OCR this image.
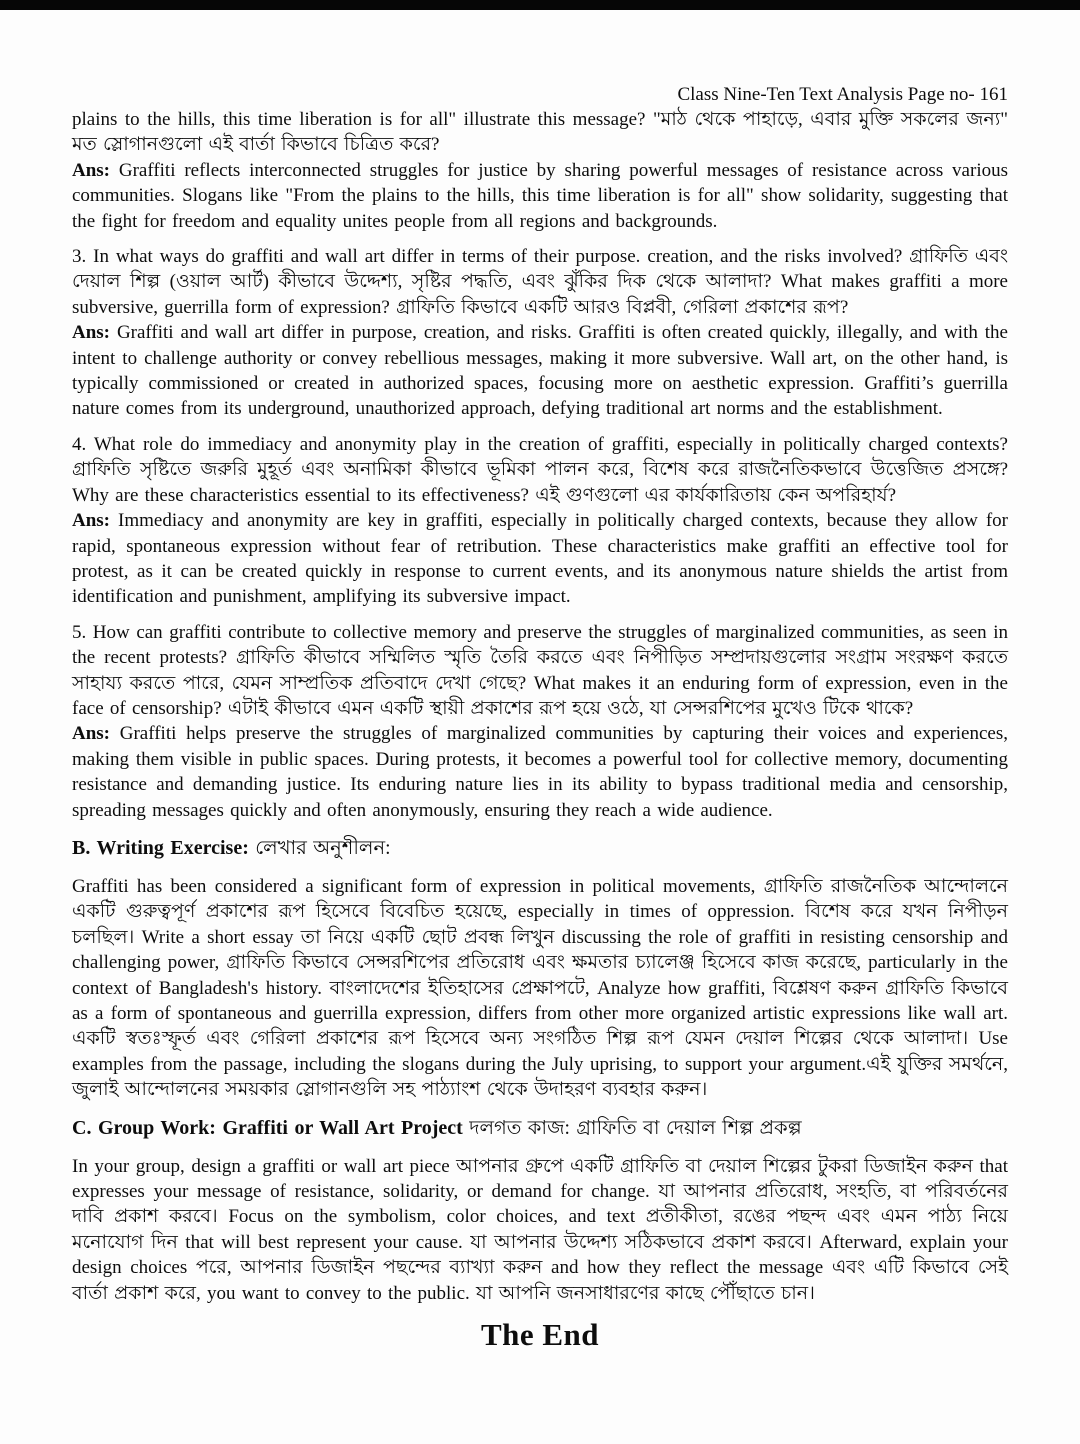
Class Nine-Ten Text Analysis Page no- 161

plains to the hills, this time liberation is for all" illustrate this message? "মাঠ থেকে পাহাড়ে, এবার মুক্তি সকলের জন্য" মত স্লোগানগুলো এই বার্তা কিভাবে চিত্রিত করে?

Ans: Graffiti reflects interconnected struggles for justice by sharing powerful messages of resistance across various communities. Slogans like "From the plains to the hills, this time liberation is for all" show solidarity, suggesting that the fight for freedom and equality unites people from all regions and backgrounds.

3. In what ways do graffiti and wall art differ in terms of their purpose. creation, and the risks involved? গ্রাফিতি এবং দেয়াল শিল্প (ওয়াল আর্ট) কীভাবে উদ্দেশ্য, সৃষ্টির পদ্ধতি, এবং ঝুঁকির দিক থেকে আলাদা? What makes graffiti a more subversive, guerrilla form of expression? গ্রাফিতি কিভাবে একটি আরও বিপ্লবী, গেরিলা প্রকাশের রূপ?

Ans: Graffiti and wall art differ in purpose, creation, and risks. Graffiti is often created quickly, illegally, and with the intent to challenge authority or convey rebellious messages, making it more subversive. Wall art, on the other hand, is typically commissioned or created in authorized spaces, focusing more on aesthetic expression. Graffiti’s guerrilla nature comes from its underground, unauthorized approach, defying traditional art norms and the establishment.

4. What role do immediacy and anonymity play in the creation of graffiti, especially in politically charged contexts? গ্রাফিতি সৃষ্টিতে জরুরি মুহূর্ত এবং অনামিকা কীভাবে ভূমিকা পালন করে, বিশেষ করে রাজনৈতিকভাবে উত্তেজিত প্রসঙ্গে? Why are these characteristics essential to its effectiveness? এই গুণগুলো এর কার্যকারিতায় কেন অপরিহার্য?

Ans: Immediacy and anonymity are key in graffiti, especially in politically charged contexts, because they allow for rapid, spontaneous expression without fear of retribution. These characteristics make graffiti an effective tool for protest, as it can be created quickly in response to current events, and its anonymous nature shields the artist from identification and punishment, amplifying its subversive impact.

5. How can graffiti contribute to collective memory and preserve the struggles of marginalized communities, as seen in the recent protests? গ্রাফিতি কীভাবে সম্মিলিত স্মৃতি তৈরি করতে এবং নিপীড়িত সম্প্রদায়গুলোর সংগ্রাম সংরক্ষণ করতে সাহায্য করতে পারে, যেমন সাম্প্রতিক প্রতিবাদে দেখা গেছে? What makes it an enduring form of expression, even in the face of censorship? এটাই কীভাবে এমন একটি স্থায়ী প্রকাশের রূপ হয়ে ওঠে, যা সেন্সরশিপের মুখেও টিকে থাকে?

Ans: Graffiti helps preserve the struggles of marginalized communities by capturing their voices and experiences, making them visible in public spaces. During protests, it becomes a powerful tool for collective memory, documenting resistance and demanding justice. Its enduring nature lies in its ability to bypass traditional media and censorship, spreading messages quickly and often anonymously, ensuring they reach a wide audience.

B. Writing Exercise: লেখার অনুশীলন:

Graffiti has been considered a significant form of expression in political movements, গ্রাফিতি রাজনৈতিক আন্দোলনে একটি গুরুত্বপূর্ণ প্রকাশের রূপ হিসেবে বিবেচিত হয়েছে, especially in times of oppression. বিশেষ করে যখন নিপীড়ন চলছিল। Write a short essay তা নিয়ে একটি ছোট প্রবন্ধ লিখুন discussing the role of graffiti in resisting censorship and challenging power, গ্রাফিতি কিভাবে সেন্সরশিপের প্রতিরোধ এবং ক্ষমতার চ্যালেঞ্জ হিসেবে কাজ করেছে, particularly in the context of Bangladesh's history. বাংলাদেশের ইতিহাসের প্রেক্ষাপটে, Analyze how graffiti, বিশ্লেষণ করুন গ্রাফিতি কিভাবে as a form of spontaneous and guerrilla expression, differs from other more organized artistic expressions like wall art. একটি স্বতঃস্ফূর্ত এবং গেরিলা প্রকাশের রূপ হিসেবে অন্য সংগঠিত শিল্প রূপ যেমন দেয়াল শিল্পের থেকে আলাদা। Use examples from the passage, including the slogans during the July uprising, to support your argument.এই যুক্তির সমর্থনে, জুলাই আন্দোলনের সময়কার স্লোগানগুলি সহ পাঠ্যাংশ থেকে উদাহরণ ব্যবহার করুন।

C. Group Work: Graffiti or Wall Art Project দলগত কাজ: গ্রাফিতি বা দেয়াল শিল্প প্রকল্প

In your group, design a graffiti or wall art piece আপনার গ্রুপে একটি গ্রাফিতি বা দেয়াল শিল্পের টুকরা ডিজাইন করুন that expresses your message of resistance, solidarity, or demand for change. যা আপনার প্রতিরোধ, সংহতি, বা পরিবর্তনের দাবি প্রকাশ করবে। Focus on the symbolism, color choices, and text প্রতীকীতা, রঙের পছন্দ এবং এমন পাঠ্য নিয়ে মনোযোগ দিন that will best represent your cause. যা আপনার উদ্দেশ্য সঠিকভাবে প্রকাশ করবে। Afterward, explain your design choices পরে, আপনার ডিজাইন পছন্দের ব্যাখ্যা করুন and how they reflect the message এবং এটি কিভাবে সেই বার্তা প্রকাশ করে, you want to convey to the public. যা আপনি জনসাধারণের কাছে পৌঁছাতে চান।

The End
